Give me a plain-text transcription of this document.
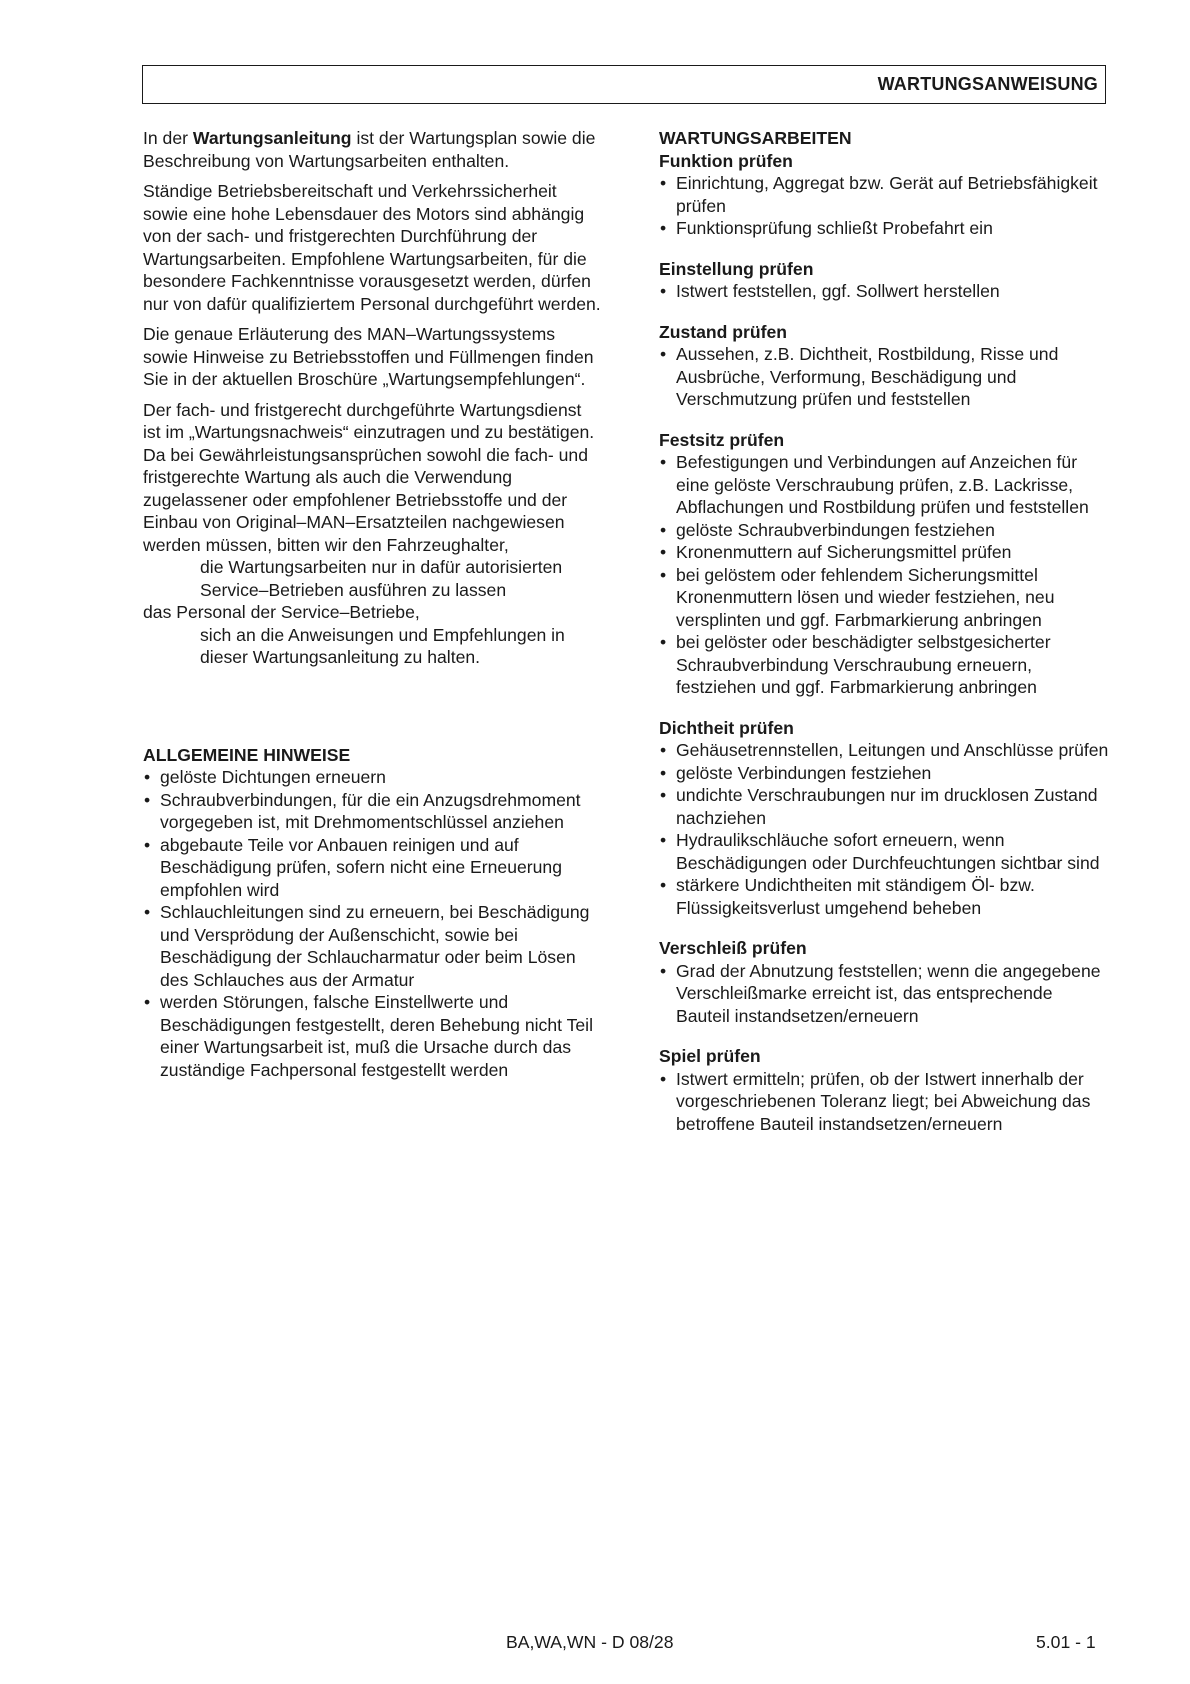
WARTUNGSANWEISUNG

In der Wartungsanleitung ist der Wartungsplan sowie die Beschreibung von Wartungsarbeiten enthalten.

Ständige Betriebsbereitschaft und Verkehrssicherheit sowie eine hohe Lebensdauer des Motors sind abhängig von der sach- und fristgerechten Durchführung der Wartungsarbeiten. Empfohlene Wartungsarbeiten, für die besondere Fachkenntnisse vorausgesetzt werden, dürfen nur von dafür qualifiziertem Personal durchgeführt werden.

Die genaue Erläuterung des MAN–Wartungssystems sowie Hinweise zu Betriebsstoffen und Füllmengen finden Sie in der aktuellen Broschüre „Wartungsempfehlungen“.

Der fach- und fristgerecht durchgeführte Wartungsdienst ist im „Wartungsnachweis“ einzutragen und zu bestätigen.

Da bei Gewährleistungsansprüchen sowohl die fach- und fristgerechte Wartung als auch die Verwendung zugelassener oder empfohlener Betriebsstoffe und der Einbau von Original–MAN–Ersatzteilen nachgewiesen werden müssen, bitten wir den Fahrzeughalter,

die Wartungsarbeiten nur in dafür autorisierten Service–Betrieben ausführen zu lassen

das Personal der Service–Betriebe,

sich an die Anweisungen und Empfehlungen in dieser Wartungsanleitung zu halten.

ALLGEMEINE HINWEISE
• gelöste Dichtungen erneuern
• Schraubverbindungen, für die ein Anzugsdrehmoment vorgegeben ist, mit Drehmomentschlüssel anziehen
• abgebaute Teile vor Anbauen reinigen und auf Beschädigung prüfen, sofern nicht eine Erneuerung empfohlen wird
• Schlauchleitungen sind zu erneuern, bei Beschädigung und Versprödung der Außenschicht, sowie bei Beschädigung der Schlaucharmatur oder beim Lösen des Schlauches aus der Armatur
• werden Störungen, falsche Einstellwerte und Beschädigungen festgestellt, deren Behebung nicht Teil einer Wartungsarbeit ist, muß die Ursache durch das zuständige Fachpersonal festgestellt werden
WARTUNGSARBEITEN
Funktion prüfen
• Einrichtung, Aggregat bzw. Gerät auf Betriebsfähigkeit prüfen
• Funktionsprüfung schließt Probefahrt ein
Einstellung prüfen
• Istwert feststellen, ggf. Sollwert herstellen
Zustand prüfen
• Aussehen, z.B. Dichtheit, Rostbildung, Risse und Ausbrüche, Verformung, Beschädigung und Verschmutzung prüfen und feststellen
Festsitz prüfen
• Befestigungen und Verbindungen auf Anzeichen für eine gelöste Verschraubung prüfen, z.B. Lackrisse, Abflachungen und Rostbildung prüfen und feststellen
• gelöste Schraubverbindungen festziehen
• Kronenmuttern auf Sicherungsmittel prüfen
• bei gelöstem oder fehlendem Sicherungsmittel Kronenmuttern lösen und wieder festziehen, neu versplinten und ggf. Farbmarkierung anbringen
• bei gelöster oder beschädigter selbstgesicherter Schraubverbindung Verschraubung erneuern, festziehen und ggf. Farbmarkierung anbringen
Dichtheit prüfen
• Gehäusetrennstellen, Leitungen und Anschlüsse prüfen
• gelöste Verbindungen festziehen
• undichte Verschraubungen nur im drucklosen Zustand nachziehen
• Hydraulikschläuche sofort erneuern, wenn Beschädigungen oder Durchfeuchtungen sichtbar sind
• stärkere Undichtheiten mit ständigem Öl- bzw. Flüssigkeitsverlust umgehend beheben
Verschleiß prüfen
• Grad der Abnutzung feststellen; wenn die angegebene Verschleißmarke erreicht ist, das entsprechende Bauteil instandsetzen/erneuern
Spiel prüfen
• Istwert ermitteln; prüfen, ob der Istwert innerhalb der vorgeschriebenen Toleranz liegt; bei Abweichung das betroffene Bauteil instandsetzen/erneuern
BA,WA,WN - D 08/28	5.01 - 1
